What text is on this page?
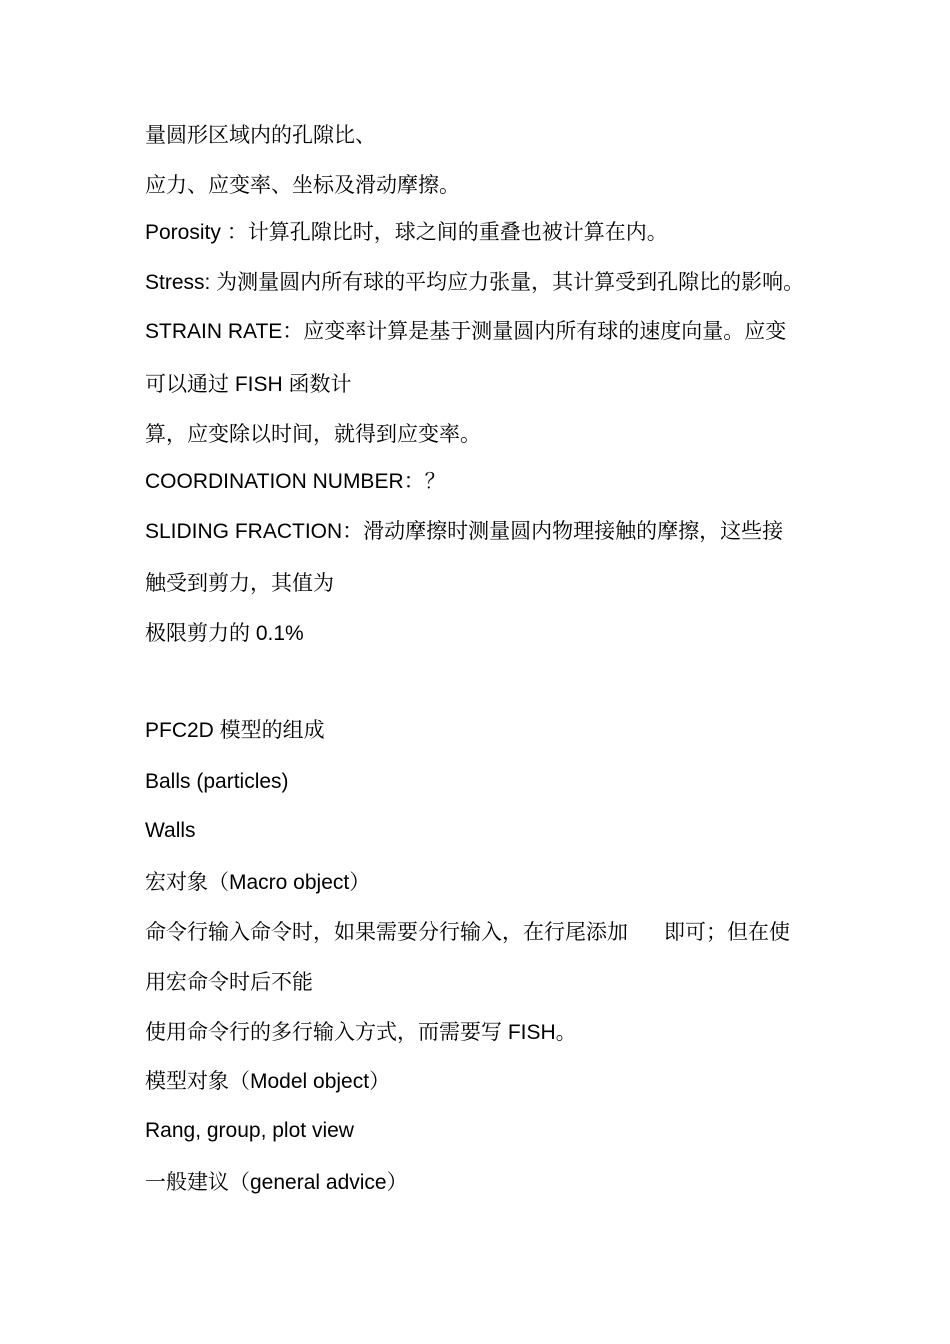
量圆形区域内的孔隙比、
应力、应变率、坐标及滑动摩擦。
Porosity ：计算孔隙比时，球之间的重叠也被计算在内。
Stress: 为测量圆内所有球的平均应力张量，其计算受到孔隙比的影响。
STRAIN RATE：应变率计算是基于测量圆内所有球的速度向量。应变
可以通过 FISH 函数计
算，应变除以时间，就得到应变率。
COORDINATION NUMBER：？
SLIDING FRACTION：滑动摩擦时测量圆内物理接触的摩擦，这些接
触受到剪力，其值为
极限剪力的 0.1%
PFC2D 模型的组成
Balls (particles)
Walls
宏对象（Macro object）
命令行输入命令时，如果需要分行输入，在行尾添加 即可；但在使
用宏命令时后不能
使用命令行的多行输入方式，而需要写 FISH。
模型对象（Model object）
Rang, group, plot view
一般建议（general advice）
